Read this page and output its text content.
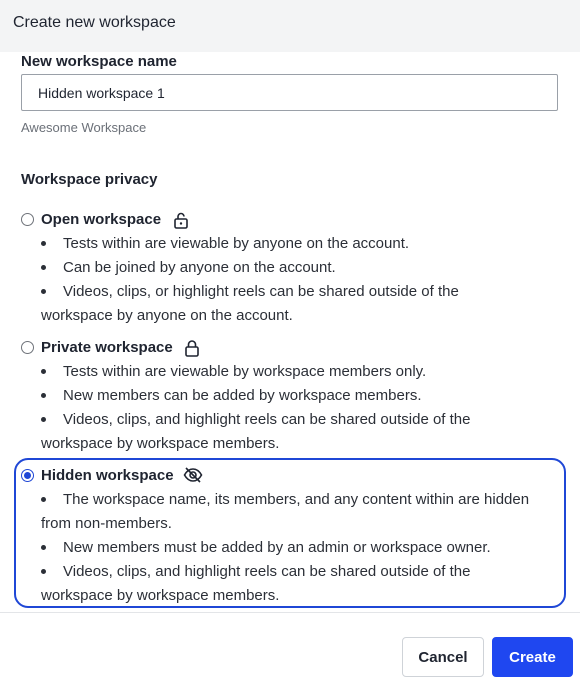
Create new workspace
New workspace name
Hidden workspace 1
Awesome Workspace
Workspace privacy
Open workspace
Tests within are viewable by anyone on the account.
Can be joined by anyone on the account.
Videos, clips, or highlight reels can be shared outside of the
workspace by anyone on the account.
Private workspace
Tests within are viewable by workspace members only.
New members can be added by workspace members.
Videos, clips, and highlight reels can be shared outside of the
workspace by workspace members.
Hidden workspace
The workspace name, its members, and any content within are hidden
from non-members.
New members must be added by an admin or workspace owner.
Videos, clips, and highlight reels can be shared outside of the
workspace by workspace members.
Cancel	Create
